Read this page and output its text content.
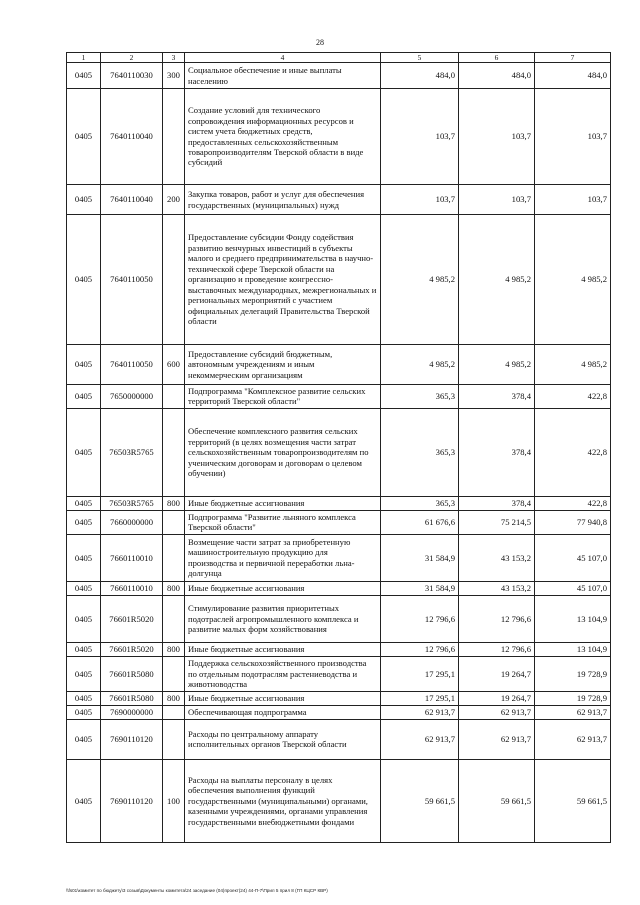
28
1	2	3	4	5	6	7
0405	7640110030	300	Социальное обеспечение и иные выплаты населению	484,0	484,0	484,0
0405	7640110040		Создание условий для технического сопровождения информационных ресурсов и систем учета бюджетных средств, предоставленных сельскохозяйственным товаропроизводителям Тверской области в виде субсидий	103,7	103,7	103,7
0405	7640110040	200	Закупка товаров, работ и услуг для обеспечения государственных (муниципальных) нужд	103,7	103,7	103,7
0405	7640110050		Предоставление субсидии Фонду содействия развитию венчурных инвестиций в субъекты малого и среднего предпринимательства в научно-технической сфере Тверской области на организацию и проведение конгрессно-выставочных международных, межрегиональных и региональных мероприятий с участием официальных делегаций Правительства Тверской области	4 985,2	4 985,2	4 985,2
0405	7640110050	600	Предоставление субсидий бюджетным, автономным учреждениям и иным некоммерческим организациям	4 985,2	4 985,2	4 985,2
0405	7650000000		Подпрограмма "Комплексное развитие сельских территорий Тверской области"	365,3	378,4	422,8
0405	76503R5765		Обеспечение комплексного развития сельских территорий (в целях возмещения части затрат сельскохозяйственным товаропроизводителям по ученическим договорам и договорам о целевом обучении)	365,3	378,4	422,8
0405	76503R5765	800	Иные бюджетные ассигнования	365,3	378,4	422,8
0405	7660000000		Подпрограмма "Развитие льняного комплекса Тверской области"	61 676,6	75 214,5	77 940,8
0405	7660110010		Возмещение части затрат за приобретенную машиностроительную продукцию для производства и первичной переработки льна-долгунца	31 584,9	43 153,2	45 107,0
0405	7660110010	800	Иные бюджетные ассигнования	31 584,9	43 153,2	45 107,0
0405	76601R5020		Стимулирование развития приоритетных подотраслей агропромышленного комплекса и развитие малых форм хозяйствования	12 796,6	12 796,6	13 104,9
0405	76601R5020	800	Иные бюджетные ассигнования	12 796,6	12 796,6	13 104,9
0405	76601R5080		Поддержка сельскохозяйственного производства по отдельным подотраслям растениеводства и животноводства	17 295,1	19 264,7	19 728,9
0405	76601R5080	800	Иные бюджетные ассигнования	17 295,1	19 264,7	19 728,9
0405	7690000000		Обеспечивающая подпрограмма	62 913,7	62 913,7	62 913,7
0405	7690110120		Расходы по центральному аппарату исполнительных органов Тверской области	62 913,7	62 913,7	62 913,7
0405	7690110120	100	Расходы на выплаты персоналу в целях обеспечения выполнения функций государственными (муниципальными) органами, казенными учреждениями, органами управления государственными внебюджетными фондами	59 661,5	59 661,5	59 661,5
\\fs01\комитет по бюджету\3 созыв\Документы комитета\24 заседание (04)проект(24) 44-П-7\Прил 5 прил 8 (ГП КЦСР КВР)
